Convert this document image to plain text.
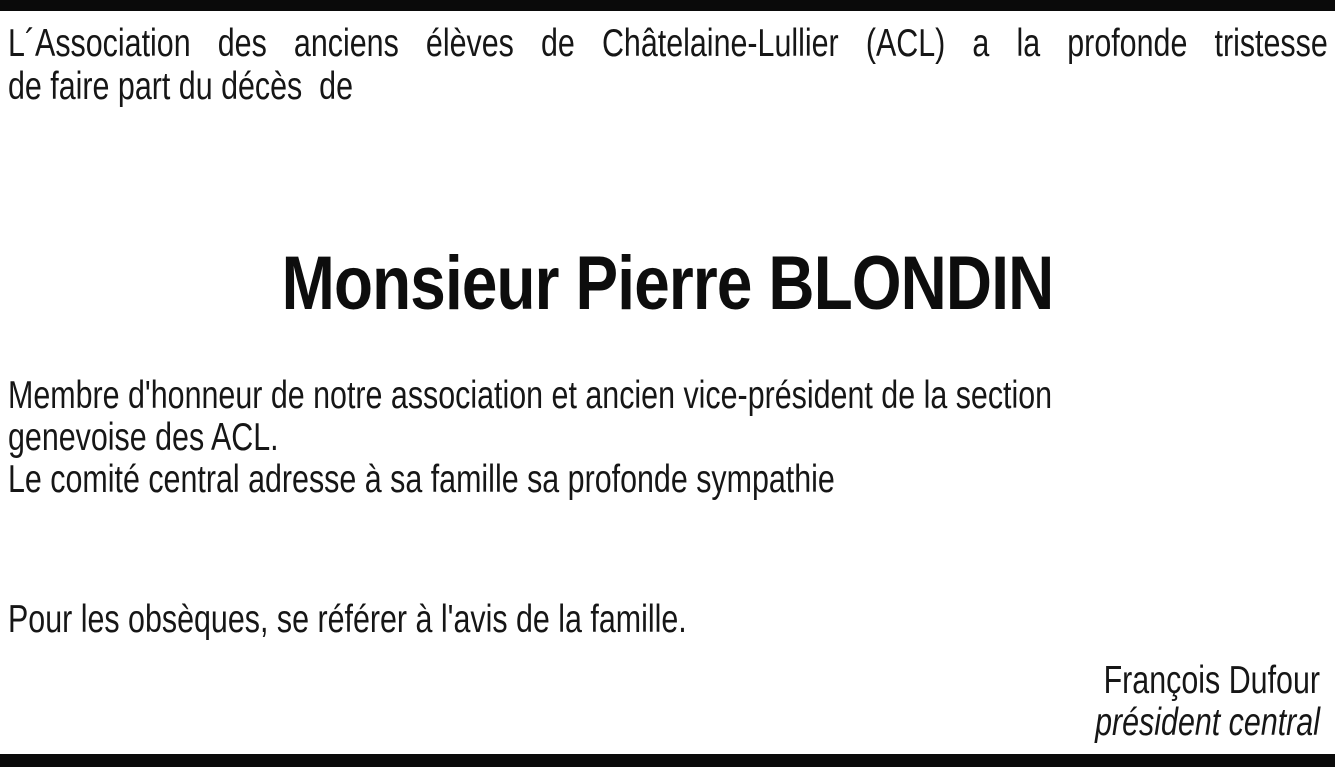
L´Association des anciens élèves de Châtelaine-Lullier (ACL) a la profonde tristesse
de faire part du décès  de
Monsieur Pierre BLONDIN
Membre d'honneur de notre association et ancien vice-président de la section
genevoise des ACL.
Le comité central adresse à sa famille sa profonde sympathie
Pour les obsèques, se référer à l'avis de la famille.
François Dufour
président central
